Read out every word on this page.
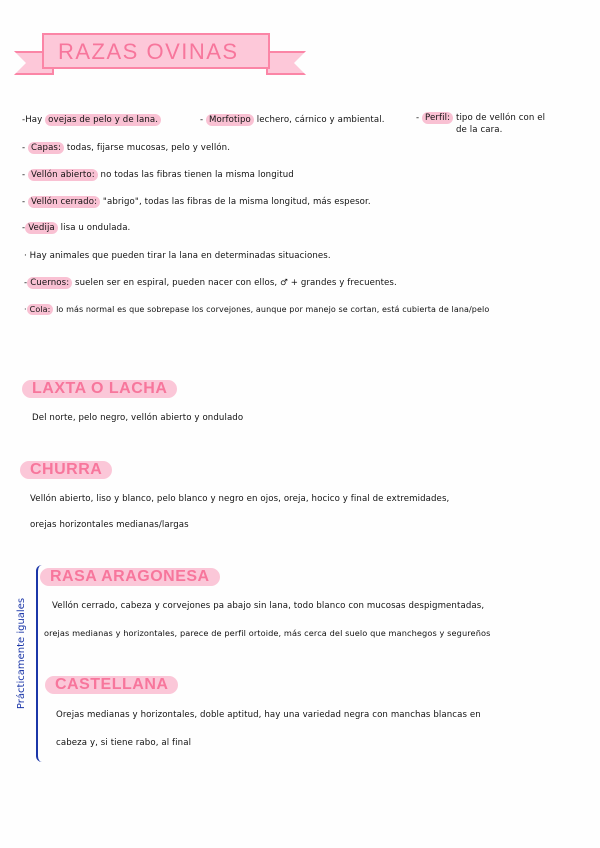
RAZAS OVINAS
-Hay ovejas de pelo y de lana.	- Morfotipo lechero, cárnico y ambiental.	- Perfil: tipo de vellón con el
de la cara.
- Capas: todas, fijarse mucosas, pelo y vellón.
- Vellón abierto: no todas las fibras tienen la misma longitud
- Vellón cerrado: "abrigo", todas las fibras de la misma longitud, más espesor.
- Vedija lisa u ondulada.
· Hay animales que pueden tirar la lana en determinadas situaciones.
- Cuernos: suelen ser en espiral, pueden nacer con ellos, ♂ + grandes y frecuentes.
· Cola: lo más normal es que sobrepase los corvejones, aunque por manejo se cortan, está cubierta de lana/pelo
LAXTA O LACHA
Del norte, pelo negro, vellón abierto y ondulado
CHURRA
Vellón abierto, liso y blanco, pelo blanco y negro en ojos, oreja, hocico y final de extremidades,
orejas horizontales medianas/largas
Prácticamente iguales
RASA ARAGONESA
Vellón cerrado, cabeza y corvejones pa abajo sin lana, todo blanco con mucosas despigmentadas,
orejas medianas y horizontales, parece de perfil ortoide, más cerca del suelo que manchegos y segureños
CASTELLANA
Orejas medianas y horizontales, doble aptitud, hay una variedad negra con manchas blancas en
cabeza y, si tiene rabo, al final
